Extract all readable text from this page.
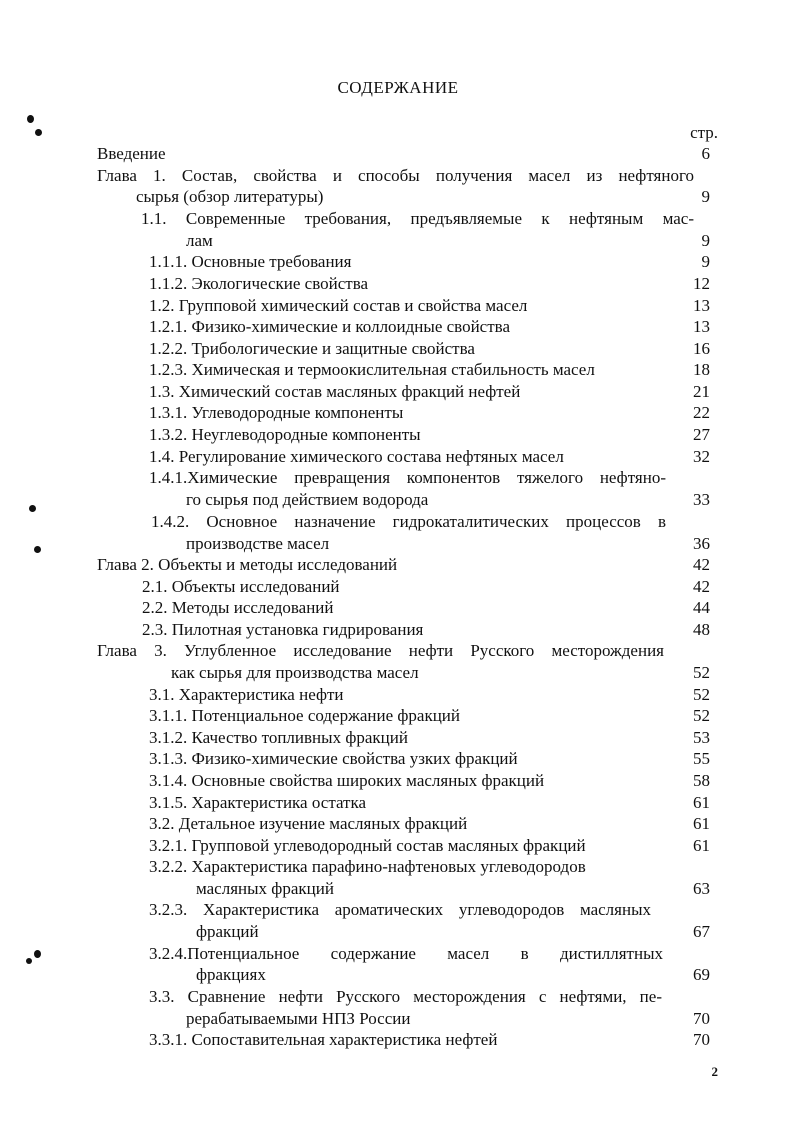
СОДЕРЖАНИЕ
стр.
Введение	6
Глава 1. Состав, свойства и способы получения масел из нефтяного
сырья (обзор литературы)	9
1.1. Современные требования, предъявляемые к нефтяным мас-
лам	9
1.1.1. Основные требования	9
1.1.2. Экологические свойства	12
1.2. Групповой химический состав и свойства масел	13
1.2.1. Физико-химические и коллоидные свойства	13
1.2.2. Трибологические и защитные свойства	16
1.2.3. Химическая и термоокислительная стабильность масел	18
1.3. Химический состав масляных фракций нефтей	21
1.3.1. Углеводородные компоненты	22
1.3.2. Неуглеводородные компоненты	27
1.4. Регулирование химического состава нефтяных масел	32
1.4.1.Химические превращения компонентов тяжелого нефтяно-
го сырья под действием водорода	33
1.4.2. Основное назначение гидрокаталитических процессов в
производстве масел	36
Глава 2. Объекты и методы исследований	42
2.1. Объекты исследований	42
2.2. Методы исследований	44
2.3. Пилотная установка гидрирования	48
Глава 3. Углубленное исследование нефти Русского месторождения
как сырья для производства масел	52
3.1. Характеристика нефти	52
3.1.1. Потенциальное содержание фракций	52
3.1.2. Качество топливных фракций	53
3.1.3. Физико-химические свойства узких фракций	55
3.1.4. Основные свойства широких масляных фракций	58
3.1.5. Характеристика остатка	61
3.2. Детальное изучение масляных фракций	61
3.2.1. Групповой углеводородный состав масляных фракций	61
3.2.2. Характеристика парафино-нафтеновых углеводородов
масляных фракций	63
3.2.3. Характеристика ароматических углеводородов масляных
фракций	67
3.2.4.Потенциальное содержание масел в дистиллятных
фракциях	69
3.3. Сравнение нефти Русского месторождения с нефтями, пе-
рерабатываемыми НПЗ России	70
3.3.1. Сопоставительная характеристика нефтей	70
2
